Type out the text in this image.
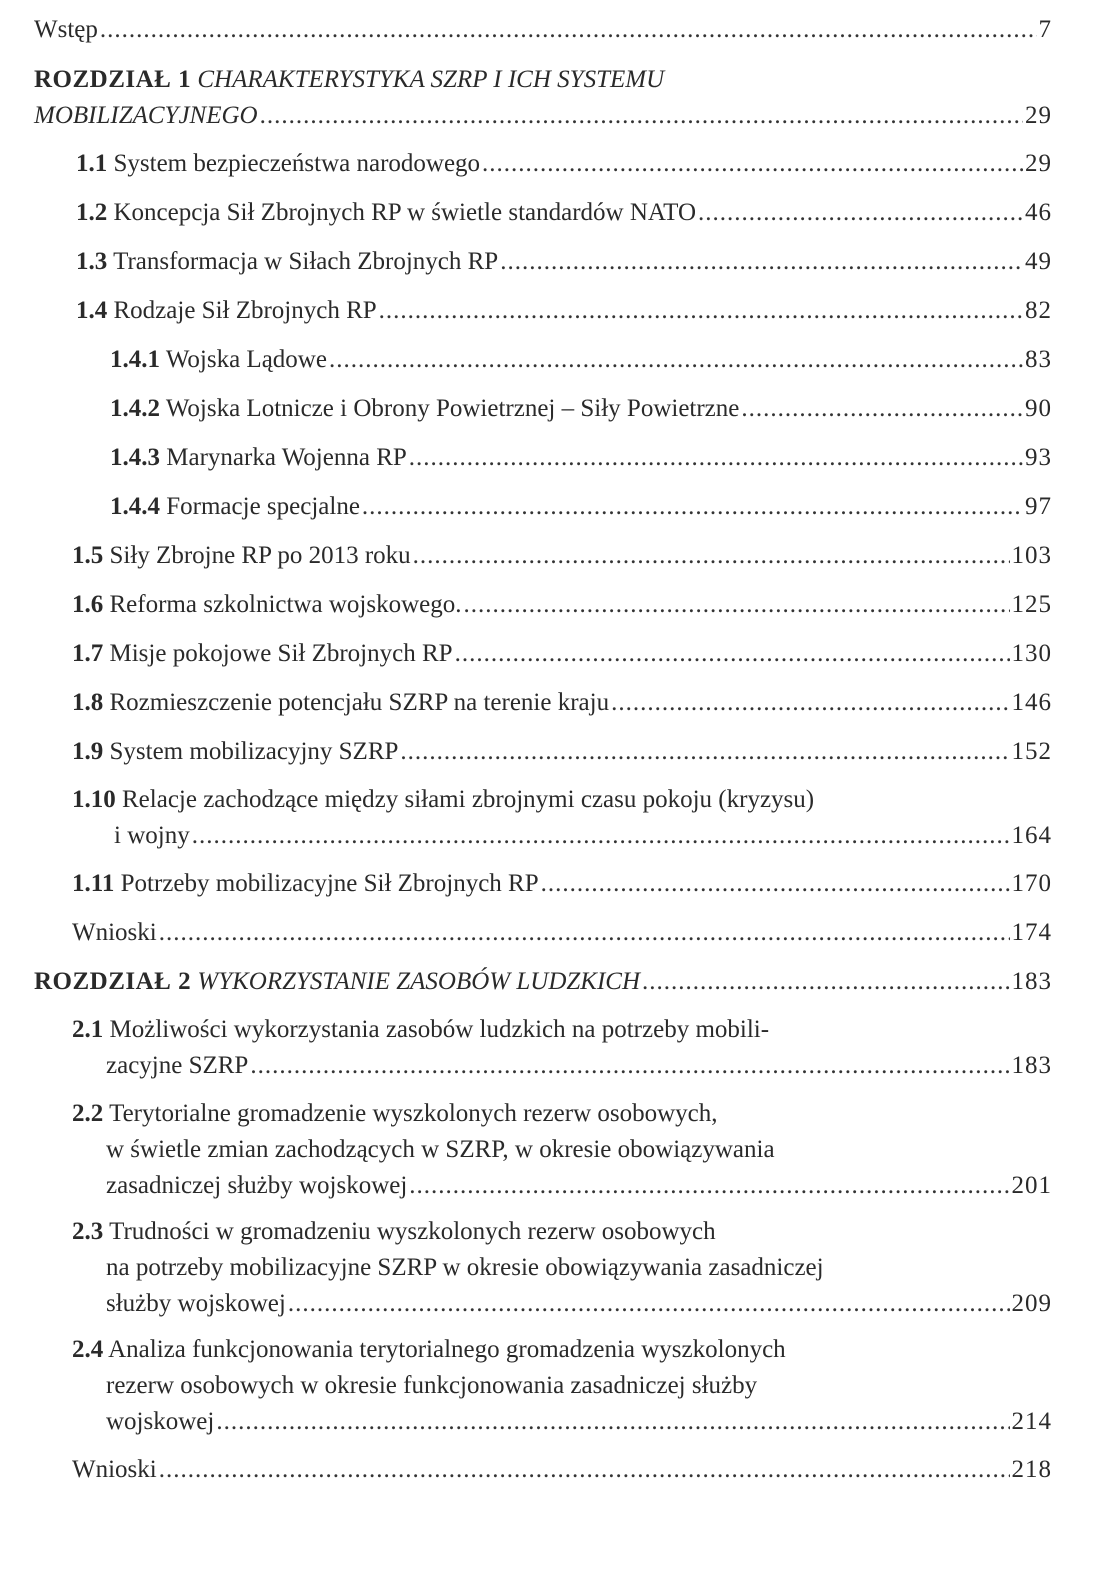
Wstęp .....	7
ROZDZIAŁ 1 CHARAKTERYSTYKA SZRP I ICH SYSTEMU
MOBILIZACYJNEGO .....	29
1.1 System bezpieczeństwa narodowego .....	29
1.2 Koncepcja Sił Zbrojnych RP w świetle standardów NATO .....	46
1.3 Transformacja w Siłach Zbrojnych RP .....	49
1.4 Rodzaje Sił Zbrojnych RP .....	82
1.4.1 Wojska Lądowe .....	83
1.4.2 Wojska Lotnicze i Obrony Powietrznej – Siły Powietrzne .....	90
1.4.3 Marynarka Wojenna RP .....	93
1.4.4 Formacje specjalne .....	97
1.5 Siły Zbrojne RP po 2013 roku .....	103
1.6 Reforma szkolnictwa wojskowego. .....	125
1.7 Misje pokojowe Sił Zbrojnych RP .....	130
1.8 Rozmieszczenie potencjału SZRP na terenie kraju .....	146
1.9 System mobilizacyjny SZRP .....	152
1.10 Relacje zachodzące między siłami zbrojnymi czasu pokoju (kryzysu)
i wojny .....	164
1.11 Potrzeby mobilizacyjne Sił Zbrojnych RP .....	170
Wnioski .....	174
ROZDZIAŁ 2 WYKORZYSTANIE ZASOBÓW LUDZKICH .....	183
2.1 Możliwości wykorzystania zasobów ludzkich na potrzeby mobili-
zacyjne SZRP .....	183
2.2 Terytorialne gromadzenie wyszkolonych rezerw osobowych,
w świetle zmian zachodzących w SZRP, w okresie obowiązywania
zasadniczej służby wojskowej .....	201
2.3 Trudności w gromadzeniu wyszkolonych rezerw osobowych
na potrzeby mobilizacyjne SZRP w okresie obowiązywania zasadniczej
służby wojskowej .....	209
2.4 Analiza funkcjonowania terytorialnego gromadzenia wyszkolonych
rezerw osobowych w okresie funkcjonowania zasadniczej służby
wojskowej .....	214
Wnioski .....	218
